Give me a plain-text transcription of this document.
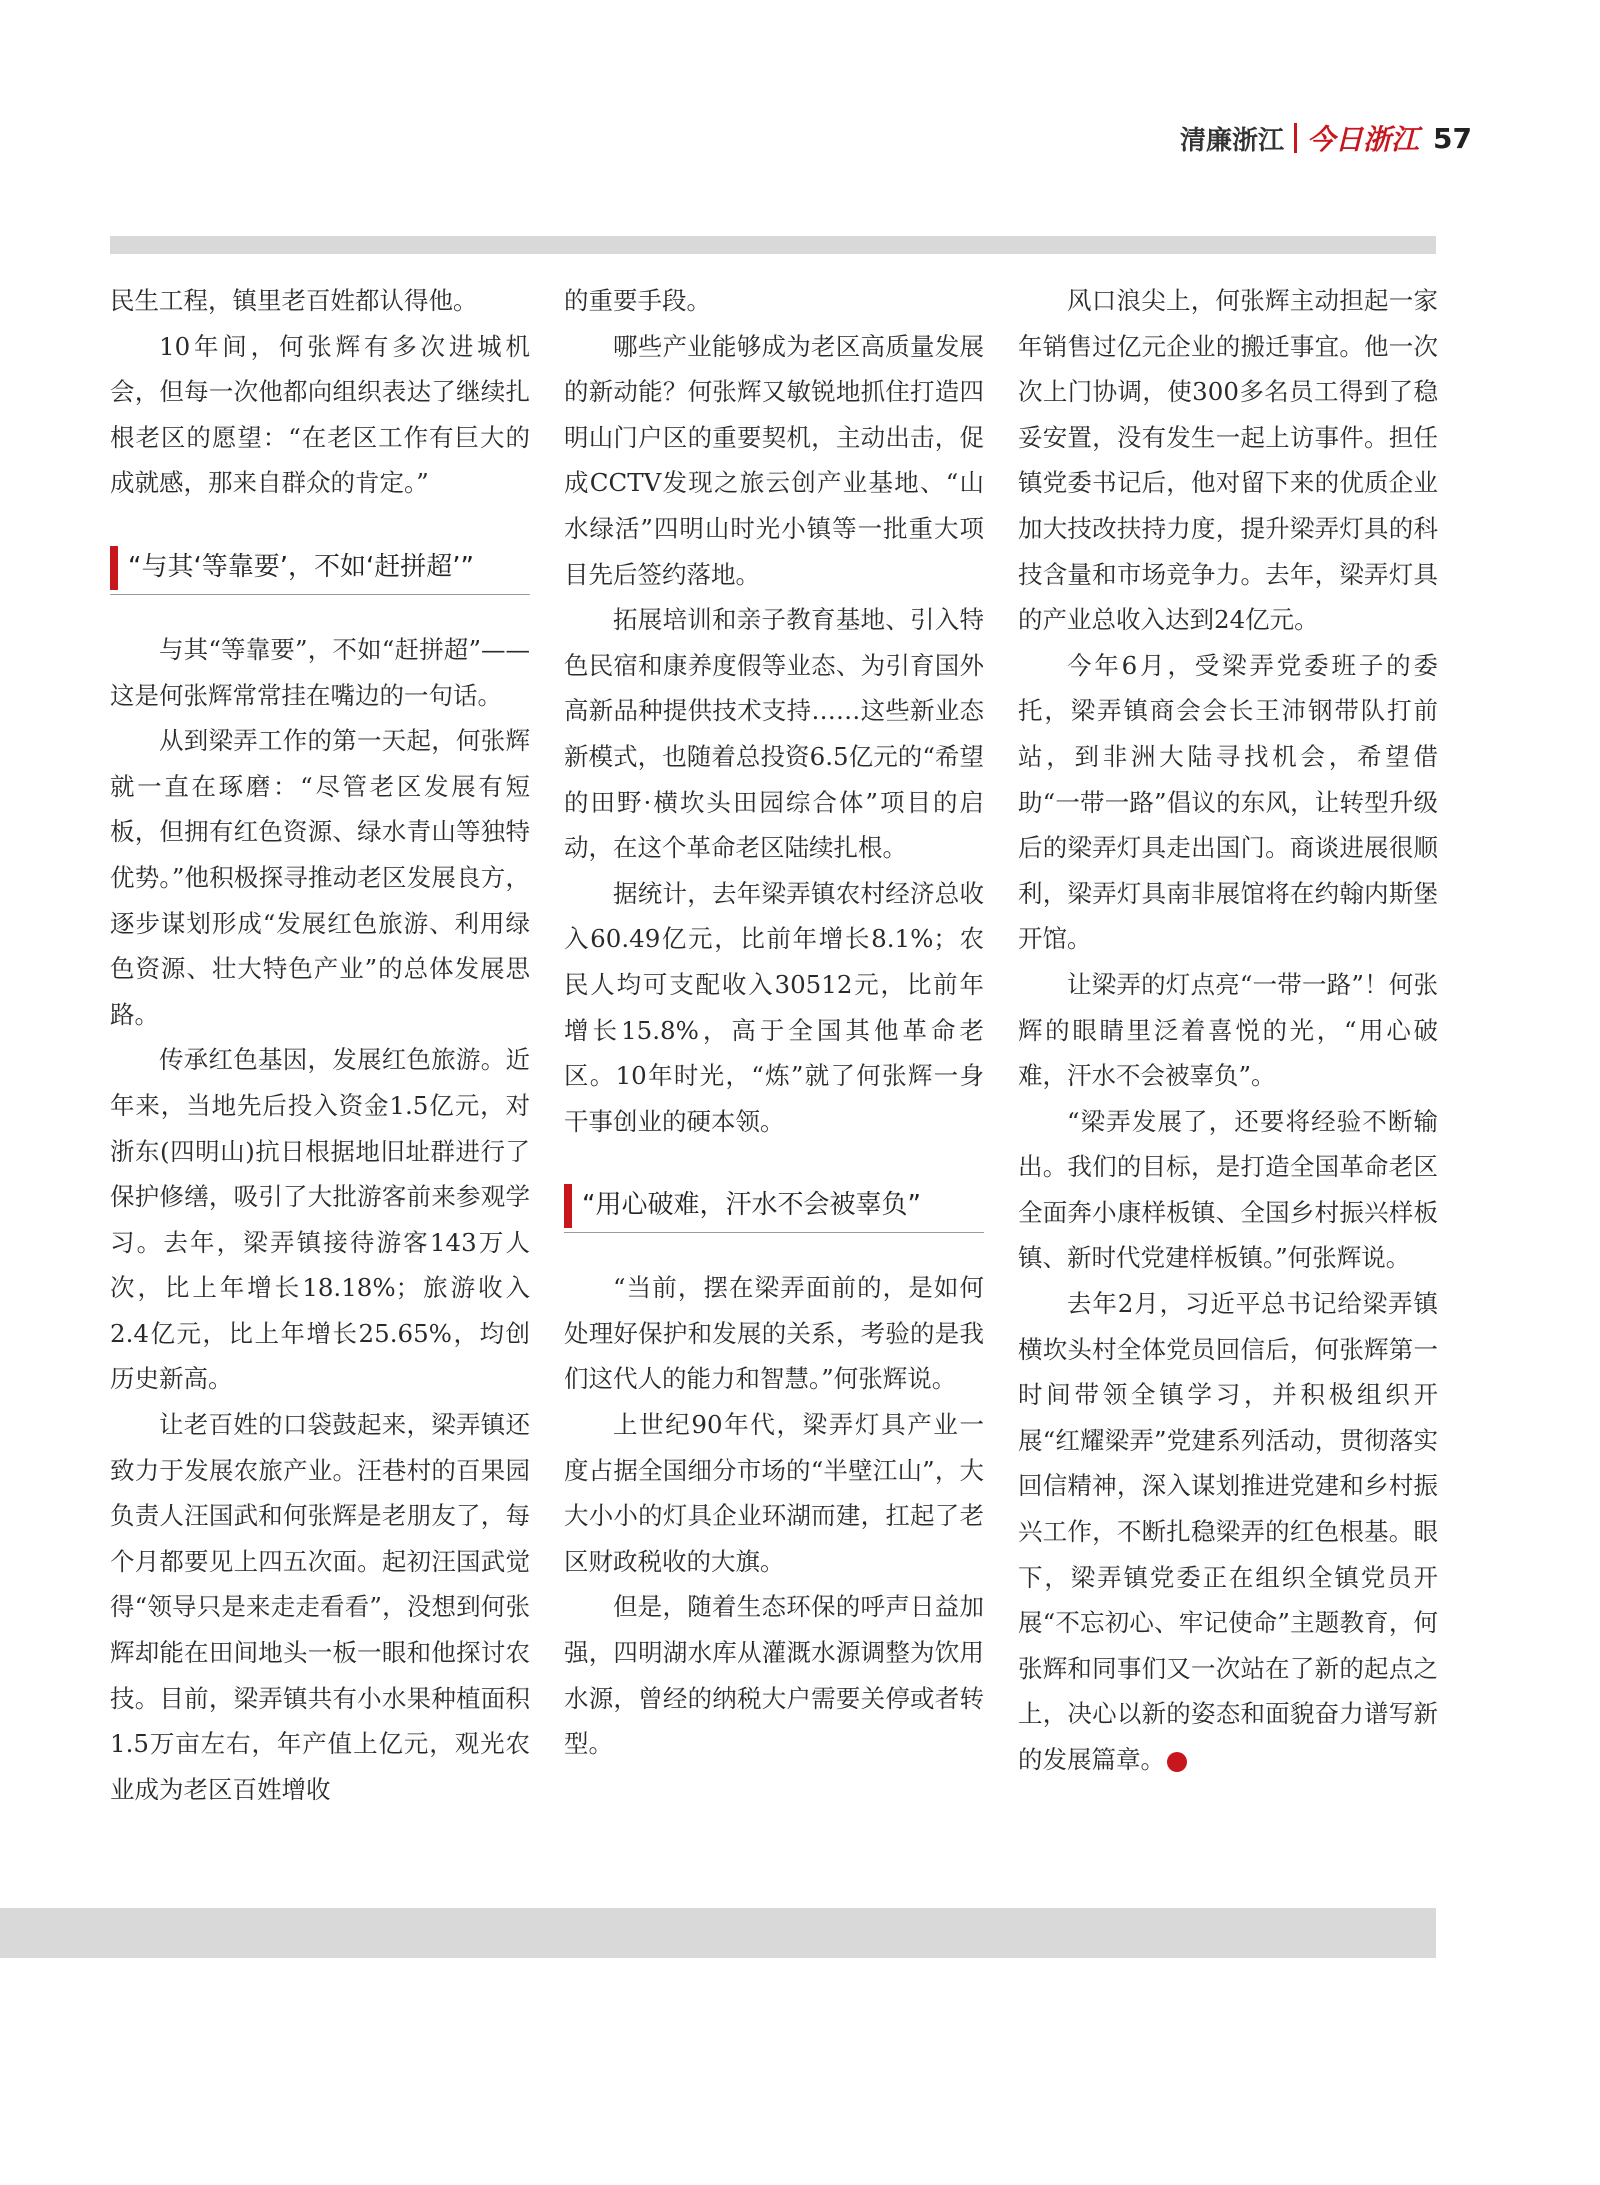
清廉浙江 今日浙江 57

民生工程，镇里老百姓都认得他。

10年间，何张辉有多次进城机会，但每一次他都向组织表达了继续扎根老区的愿望：“在老区工作有巨大的成就感，那来自群众的肯定。”

“与其‘等靠要’，不如‘赶拼超’”

与其“等靠要”，不如“赶拼超”——这是何张辉常常挂在嘴边的一句话。

从到梁弄工作的第一天起，何张辉就一直在琢磨：“尽管老区发展有短板，但拥有红色资源、绿水青山等独特优势。”他积极探寻推动老区发展良方，逐步谋划形成“发展红色旅游、利用绿色资源、壮大特色产业”的总体发展思路。

传承红色基因，发展红色旅游。近年来，当地先后投入资金1.5亿元，对浙东(四明山)抗日根据地旧址群进行了保护修缮，吸引了大批游客前来参观学习。去年，梁弄镇接待游客143万人次，比上年增长18.18%；旅游收入2.4亿元，比上年增长25.65%，均创历史新高。

让老百姓的口袋鼓起来，梁弄镇还致力于发展农旅产业。汪巷村的百果园负责人汪国武和何张辉是老朋友了，每个月都要见上四五次面。起初汪国武觉得“领导只是来走走看看”，没想到何张辉却能在田间地头一板一眼和他探讨农技。目前，梁弄镇共有小水果种植面积1.5万亩左右，年产值上亿元，观光农业成为老区百姓增收

的重要手段。

哪些产业能够成为老区高质量发展的新动能？何张辉又敏锐地抓住打造四明山门户区的重要契机，主动出击，促成CCTV发现之旅云创产业基地、“山水绿活”四明山时光小镇等一批重大项目先后签约落地。

拓展培训和亲子教育基地、引入特色民宿和康养度假等业态、为引育国外高新品种提供技术支持……这些新业态新模式，也随着总投资6.5亿元的“希望的田野·横坎头田园综合体”项目的启动，在这个革命老区陆续扎根。

据统计，去年梁弄镇农村经济总收入60.49亿元，比前年增长8.1%；农民人均可支配收入30512元，比前年增长15.8%，高于全国其他革命老区。10年时光，“炼”就了何张辉一身干事创业的硬本领。

“用心破难，汗水不会被辜负”

“当前，摆在梁弄面前的，是如何处理好保护和发展的关系，考验的是我们这代人的能力和智慧。”何张辉说。

上世纪90年代，梁弄灯具产业一度占据全国细分市场的“半壁江山”，大大小小的灯具企业环湖而建，扛起了老区财政税收的大旗。

但是，随着生态环保的呼声日益加强，四明湖水库从灌溉水源调整为饮用水源，曾经的纳税大户需要关停或者转型。

风口浪尖上，何张辉主动担起一家年销售过亿元企业的搬迁事宜。他一次次上门协调，使300多名员工得到了稳妥安置，没有发生一起上访事件。担任镇党委书记后，他对留下来的优质企业加大技改扶持力度，提升梁弄灯具的科技含量和市场竞争力。去年，梁弄灯具的产业总收入达到24亿元。

今年6月，受梁弄党委班子的委托，梁弄镇商会会长王沛钢带队打前站，到非洲大陆寻找机会，希望借助“一带一路”倡议的东风，让转型升级后的梁弄灯具走出国门。商谈进展很顺利，梁弄灯具南非展馆将在约翰内斯堡开馆。

让梁弄的灯点亮“一带一路”！何张辉的眼睛里泛着喜悦的光，“用心破难，汗水不会被辜负”。

“梁弄发展了，还要将经验不断输出。我们的目标，是打造全国革命老区全面奔小康样板镇、全国乡村振兴样板镇、新时代党建样板镇。”何张辉说。

去年2月，习近平总书记给梁弄镇横坎头村全体党员回信后，何张辉第一时间带领全镇学习，并积极组织开展“红耀梁弄”党建系列活动，贯彻落实回信精神，深入谋划推进党建和乡村振兴工作，不断扎稳梁弄的红色根基。眼下，梁弄镇党委正在组织全镇党员开展“不忘初心、牢记使命”主题教育，何张辉和同事们又一次站在了新的起点之上，决心以新的姿态和面貌奋力谱写新的发展篇章。	今
